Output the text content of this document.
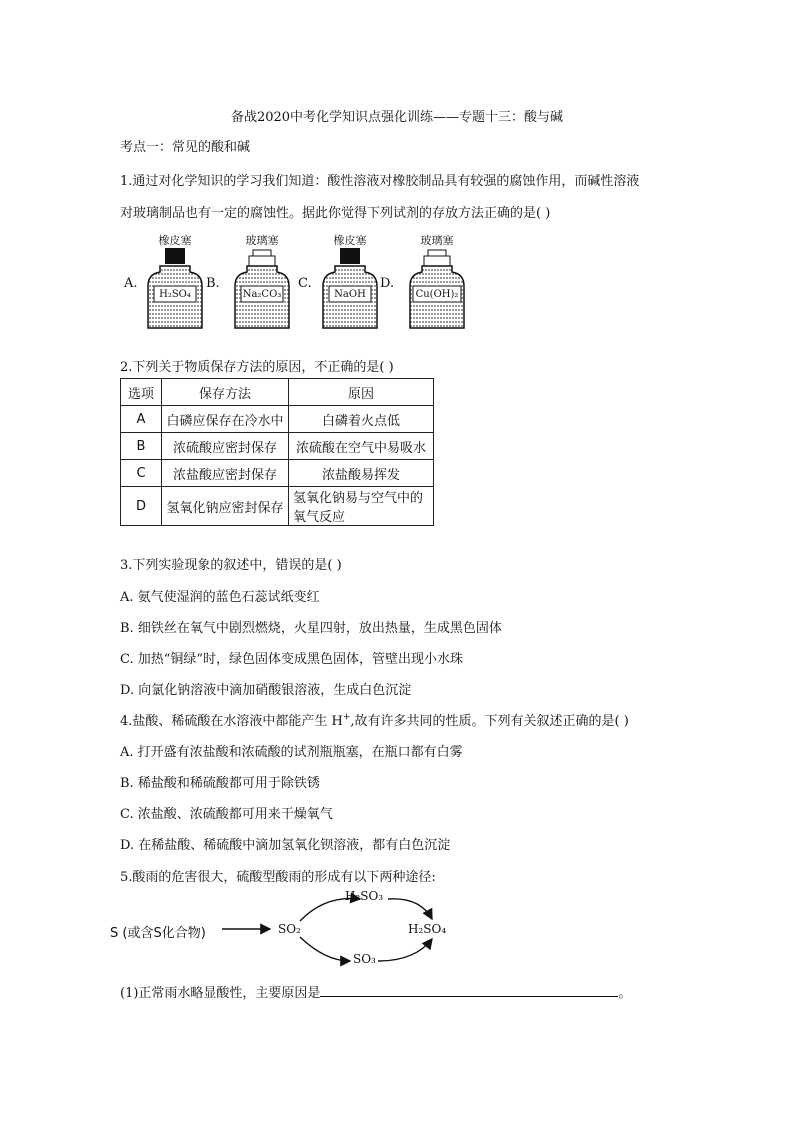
备战2020中考化学知识点强化训练——专题十三：酸与碱
考点一：常见的酸和碱
1.通过对化学知识的学习我们知道：酸性溶液对橡胶制品具有较强的腐蚀作用，而碱性溶液
对玻璃制品也有一定的腐蚀性。据此你觉得下列试剂的存放方法正确的是( )
橡皮塞	玻璃塞	橡皮塞	玻璃塞
A.	B.	C.	D.
H₂SO₄	Na₂CO₃	NaOH	Cu(OH)₂
2.下列关于物质保存方法的原因，不正确的是( )
选项	保存方法	原因
A	白磷应保存在冷水中	白磷着火点低
B	浓硫酸应密封保存	浓硫酸在空气中易吸水
C	浓盐酸应密封保存	浓盐酸易挥发
D	氢氧化钠应密封保存	氢氧化钠易与空气中的氧气反应
3.下列实验现象的叙述中，错误的是( )
A. 氨气使湿润的蓝色石蕊试纸变红
B. 细铁丝在氧气中剧烈燃烧，火星四射，放出热量，生成黑色固体
C. 加热“铜绿”时，绿色固体变成黑色固体，管壁出现小水珠
D. 向氯化钠溶液中滴加硝酸银溶液，生成白色沉淀
4.盐酸、稀硫酸在水溶液中都能产生 H+,故有许多共同的性质。下列有关叙述正确的是( )
A. 打开盛有浓盐酸和浓硫酸的试剂瓶瓶塞，在瓶口都有白雾
B. 稀盐酸和稀硫酸都可用于除铁锈
C. 浓盐酸、浓硫酸都可用来干燥氧气
D. 在稀盐酸、稀硫酸中滴加氢氧化钡溶液，都有白色沉淀
5.酸雨的危害很大，硫酸型酸雨的形成有以下两种途径:
S (或含S化合物)	SO₂
H₂SO₃
SO₃
H₂SO₄
(1)正常雨水略显酸性，主要原因是	。
